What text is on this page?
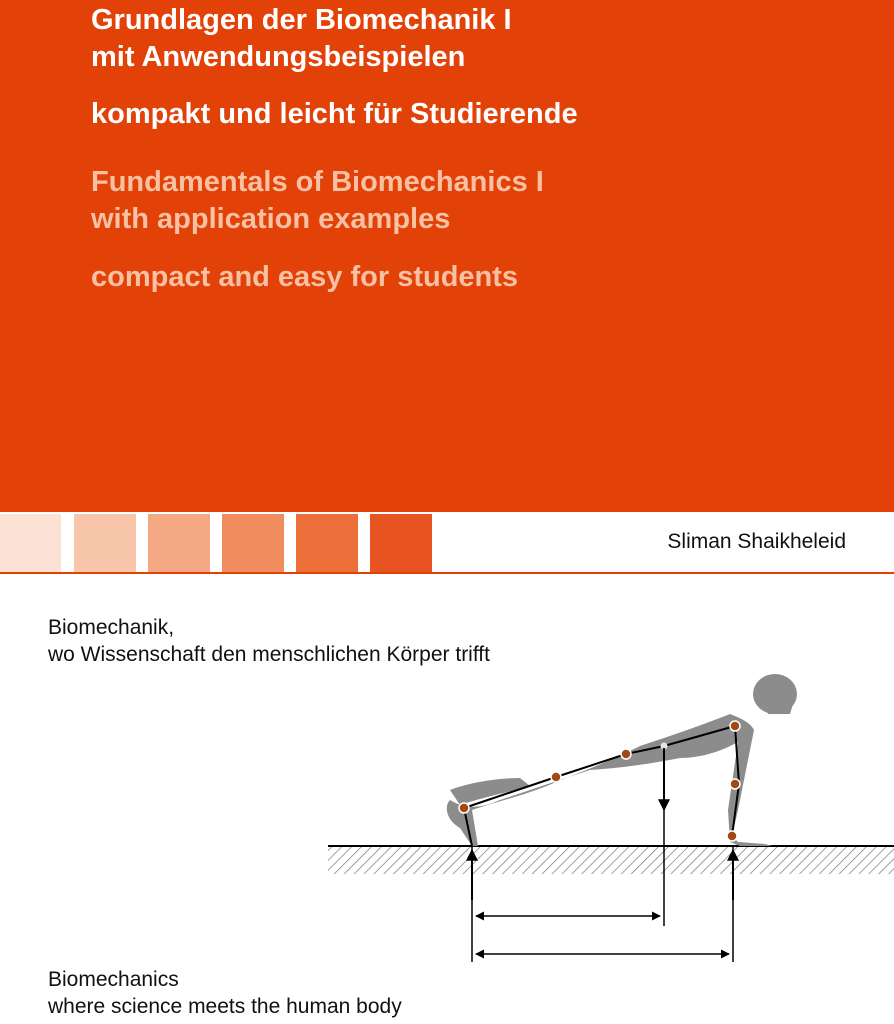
Grundlagen der Biomechanik I
mit Anwendungsbeispielen
kompakt und leicht für Studierende
Fundamentals of Biomechanics I
with application examples
compact and easy for students
Sliman Shaikheleid
Biomechanik,
wo Wissenschaft den menschlichen Körper trifft
Biomechanics
where science meets the human body
